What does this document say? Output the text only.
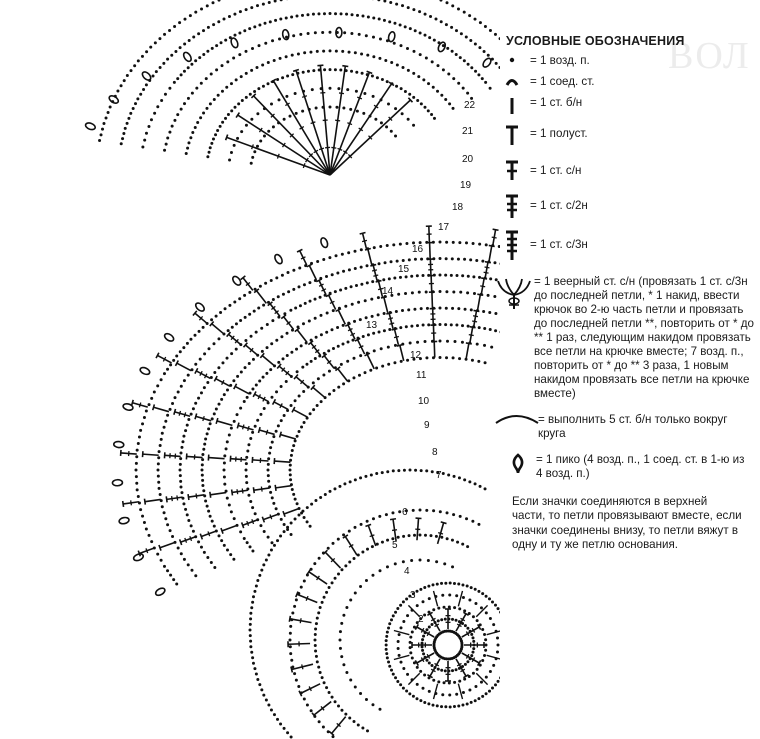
ВОЛ
22
21
20
19
18
17
16
15
14
13
12
11
10
9
8
7
6
5
4
3
2
УСЛОВНЫЕ ОБОЗНАЧЕНИЯ
= 1 возд. п.
= 1 соед. ст.
= 1 ст. б/н
= 1 полуст.
= 1 ст. с/н
= 1 ст. с/2н
= 1 ст. с/3н
= 1 веерный ст. с/н (провязать 1 ст. с/3н до последней петли, * 1 накид, ввести крючок во 2-ю часть петли и провязать до последней петли **, повторить от * до ** 1 раз, следующим накидом провязать все петли на крючке вместе; 7 возд. п., повторить от * до ** 3 раза, 1 новым накидом провязать все петли на крючке вместе)
= выполнить 5 ст. б/н только вокруг круга
= 1 пико (4 возд. п., 1 соед. ст. в 1-ю из 4 возд. п.)
Если значки соединяются в верхней части, то петли провязывают вместе, если значки соединены внизу, то петли вяжут в одну и ту же петлю основания.
